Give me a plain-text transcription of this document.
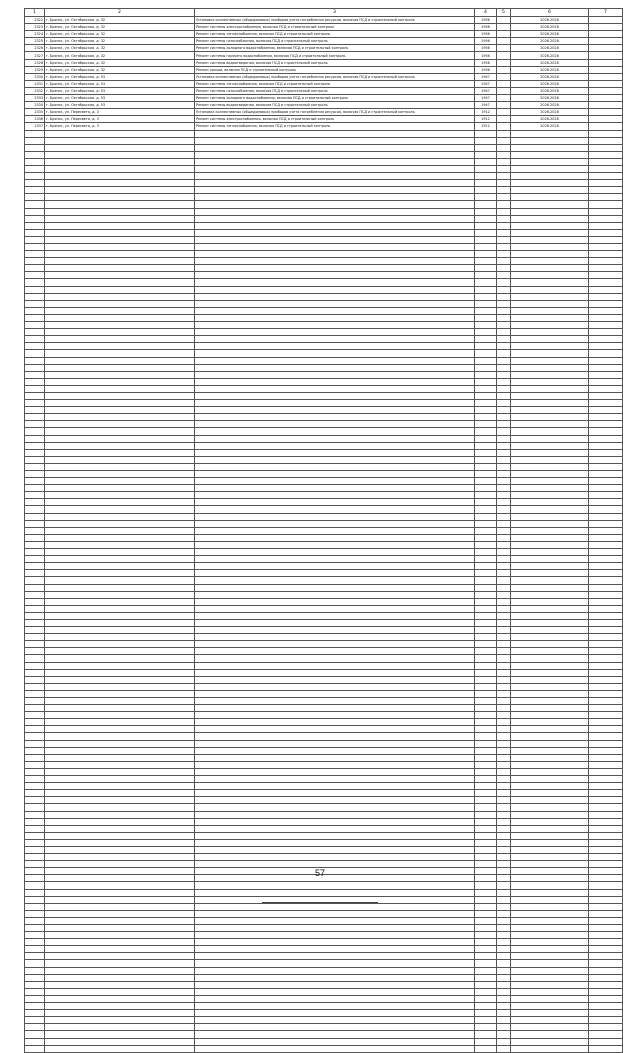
1	2	3	4	5	6	7
2322	г. Брянск, ул. Октябрьская, д. 32	Установка коллективных (общедомовых) приборов учета потребления ресурсов, включая ПСД и строительный контроль	1956		2026-2028	
2323	г. Брянск, ул. Октябрьская, д. 32	Ремонт системы электроснабжения, включая ПСД и строительный контроль	1956		2026-2028	
2324	г. Брянск, ул. Октябрьская, д. 32	Ремонт системы теплоснабжения, включая ПСД и строительный контроль	1956		2026-2028	
2325	г. Брянск, ул. Октябрьская, д. 32	Ремонт системы газоснабжения, включая ПСД и строительный контроль	1956		2026-2028	
2326	г. Брянск, ул. Октябрьская, д. 32	Ремонт системы холодного водоснабжения, включая ПСД и строительный контроль	1956		2026-2028	
2327	г. Брянск, ул. Октябрьская, д. 32	Ремонт системы горячего водоснабжения, включая ПСД и строительный контроль	1956		2026-2028	
2328	г. Брянск, ул. Октябрьская, д. 32	Ремонт системы водоотведения, включая ПСД и строительный контроль	1956		2026-2028	
2329	г. Брянск, ул. Октябрьская, д. 32	Ремонт крыши, включая ПСД и строительный контроль	1956		2026-2028	
2330	г. Брянск, ул. Октябрьская, д. 53	Установка коллективных (общедомовых) приборов учета потребления ресурсов, включая ПСД и строительный контроль	1947		2026-2028	
2331	г. Брянск, ул. Октябрьская, д. 53	Ремонт системы теплоснабжения, включая ПСД и строительный контроль	1947		2026-2028	
2332	г. Брянск, ул. Октябрьская, д. 53	Ремонт системы газоснабжения, включая ПСД и строительный контроль	1947		2026-2028	
2333	г. Брянск, ул. Октябрьская, д. 53	Ремонт системы холодного водоснабжения, включая ПСД и строительный контроль	1947		2026-2028	
2334	г. Брянск, ул. Октябрьская, д. 53	Ремонт системы водоотведения, включая ПСД и строительный контроль	1947		2026-2028	
2335	г. Брянск, ул. Пересвета, д. 3	Установка коллективных (общедомовых) приборов учета потребления ресурсов, включая ПСД и строительный контроль	1912		2026-2028	
2336	г. Брянск, ул. Пересвета, д. 3	Ремонт системы электроснабжения, включая ПСД и строительный контроль	1912		2026-2028	
2337	г. Брянск, ул. Пересвета, д. 3	Ремонт системы теплоснабжения, включая ПСД и строительный контроль	1912		2026-2028	

57
